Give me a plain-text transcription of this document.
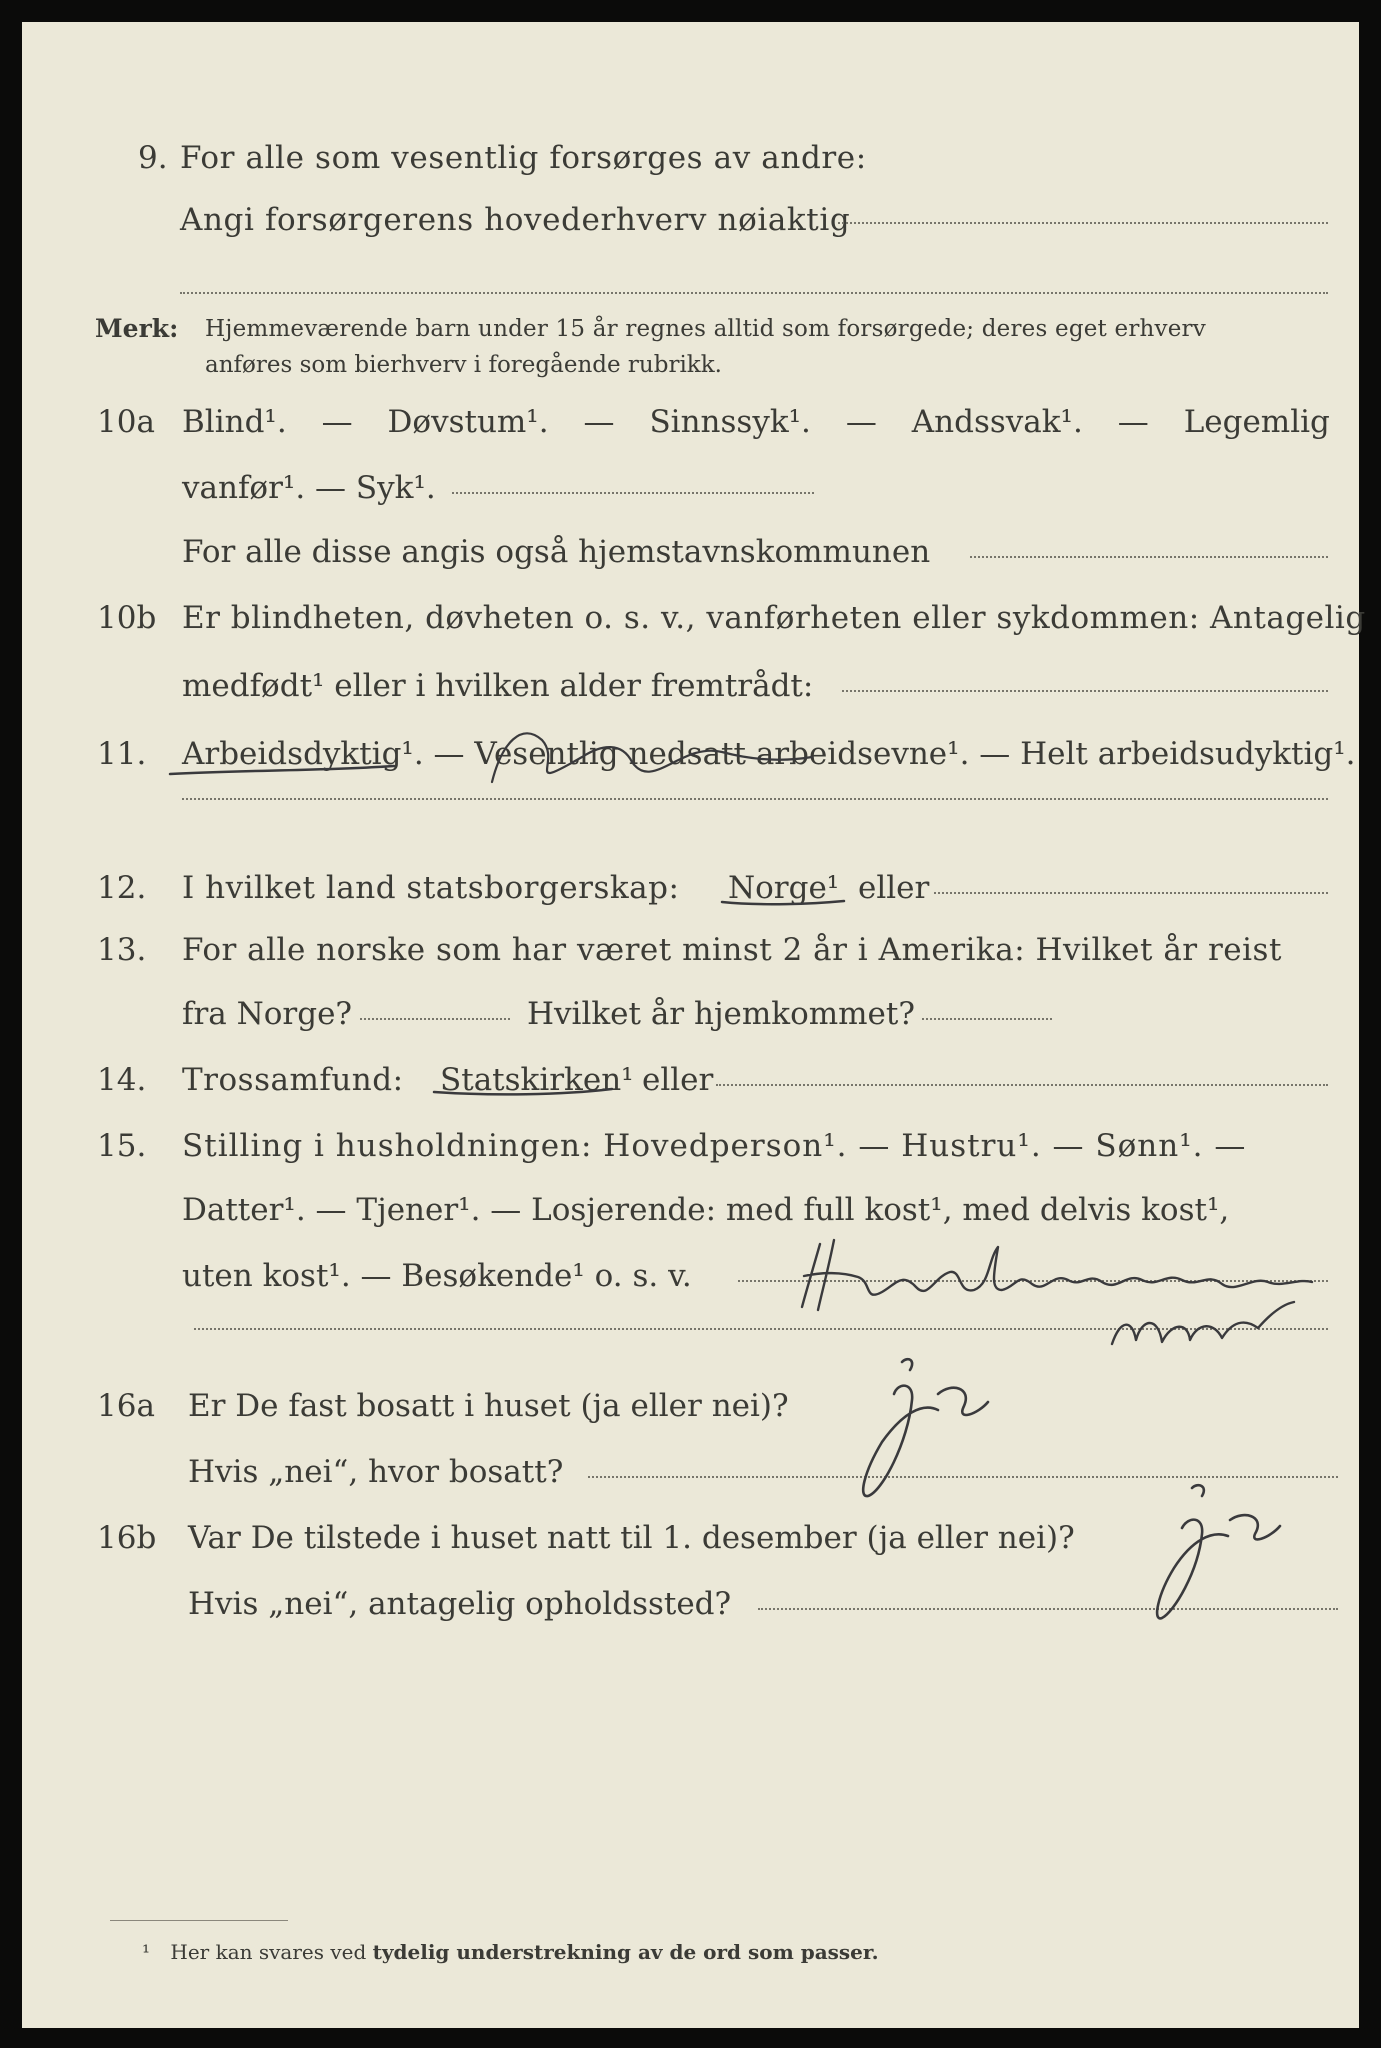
9. For alle som vesentlig forsørges av andre:
Angi forsørgerens hovederhverv nøiaktig
Merk: Hjemmeværende barn under 15 år regnes alltid som forsørgede; deres eget erhverv
anføres som bierhverv i foregående rubrikk.
10a Blind¹. — Døvstum¹. — Sinnssyk¹. — Andssvak¹. — Legemlig
vanfør¹. — Syk¹.
For alle disse angis også hjemstavnskommunen
10b Er blindheten, døvheten o. s. v., vanførheten eller sykdommen: Antagelig
medfødt¹ eller i hvilken alder fremtrådt:
11. Arbeidsdyktig¹. — Vesentlig nedsatt arbeidsevne¹. — Helt arbeidsudyktig¹.
12. I hvilket land statsborgerskap: Norge¹ eller
13. For alle norske som har været minst 2 år i Amerika: Hvilket år reist
fra Norge?	Hvilket år hjemkommet?
14. Trossamfund: Statskirken¹ eller
15. Stilling i husholdningen: Hovedperson¹. — Hustru¹. — Sønn¹. —
Datter¹. — Tjener¹. — Losjerende: med full kost¹, med delvis kost¹,
uten kost¹. — Besøkende¹ o. s. v.
16a Er De fast bosatt i huset (ja eller nei)?
Hvis „nei“, hvor bosatt?
16b Var De tilstede i huset natt til 1. desember (ja eller nei)?
Hvis „nei“, antagelig opholdssted?
¹ Her kan svares ved tydelig understrekning av de ord som passer.
